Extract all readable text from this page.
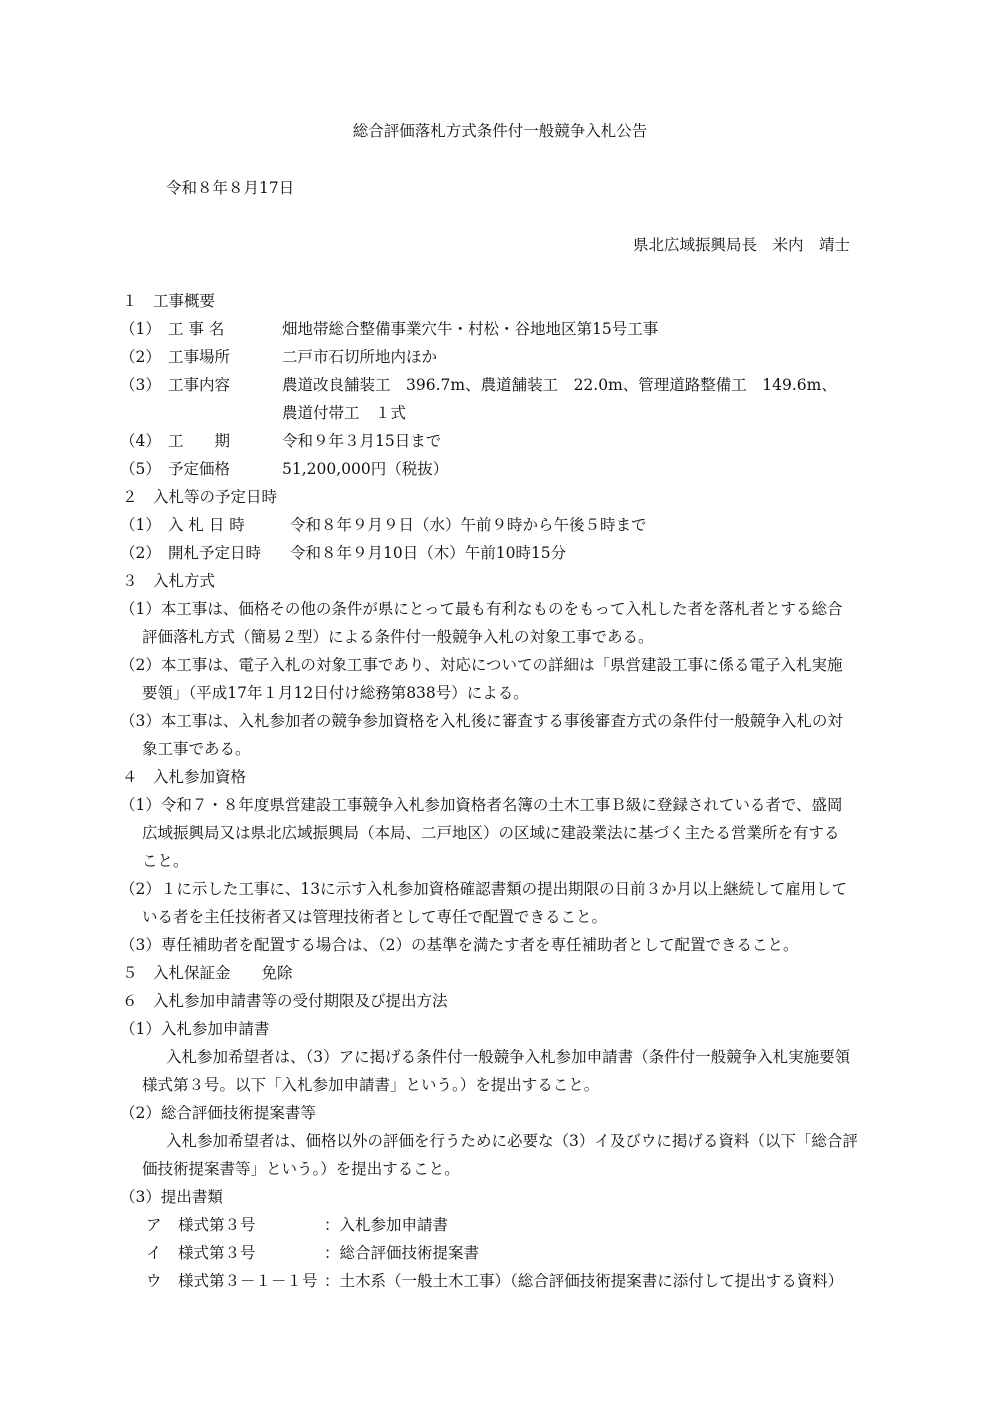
総合評価落札方式条件付一般競争入札公告
令和８年８月17日
県北広域振興局長　米内　靖士
１　工事概要
（1） 工 事 名	畑地帯総合整備事業穴牛・村松・谷地地区第15号工事
（2） 工事場所	二戸市石切所地内ほか
（3） 工事内容	農道改良舗装工　396.7m、農道舗装工　22.0m、管理道路整備工　149.6m、
農道付帯工　１式
（4） 工　　期	令和９年３月15日まで
（5） 予定価格	51,200,000円（税抜）
２　入札等の予定日時
（1） 入 札 日 時	令和８年９月９日（水）午前９時から午後５時まで
（2） 開札予定日時 令和８年９月10日（木）午前10時15分
３　入札方式
（1）本工事は、価格その他の条件が県にとって最も有利なものをもって入札した者を落札者とする総合
評価落札方式（簡易２型）による条件付一般競争入札の対象工事である。
（2）本工事は、電子入札の対象工事であり、対応についての詳細は「県営建設工事に係る電子入札実施
要領」（平成17年１月12日付け総務第838号）による。
（3）本工事は、入札参加者の競争参加資格を入札後に審査する事後審査方式の条件付一般競争入札の対
象工事である。
４　入札参加資格
（1）令和７・８年度県営建設工事競争入札参加資格者名簿の土木工事Ｂ級に登録されている者で、盛岡
広域振興局又は県北広域振興局（本局、二戸地区）の区域に建設業法に基づく主たる営業所を有する
こと。
（2）１に示した工事に、13に示す入札参加資格確認書類の提出期限の日前３か月以上継続して雇用して
いる者を主任技術者又は管理技術者として専任で配置できること。
（3）専任補助者を配置する場合は、（2）の基準を満たす者を専任補助者として配置できること。
５　入札保証金　　免除
６　入札参加申請書等の受付期限及び提出方法
（1）入札参加申請書
入札参加希望者は、（3）アに掲げる条件付一般競争入札参加申請書（条件付一般競争入札実施要領
様式第３号。以下「入札参加申請書」という。）を提出すること。
（2）総合評価技術提案書等
入札参加希望者は、価格以外の評価を行うために必要な（3）イ及びウに掲げる資料（以下「総合評
価技術提案書等」という。）を提出すること。
（3）提出書類
ア 様式第３号	：入札参加申請書
イ 様式第３号	：総合評価技術提案書
ウ 様式第３－１－１号 ：土木系（一般土木工事）（総合評価技術提案書に添付して提出する資料）
